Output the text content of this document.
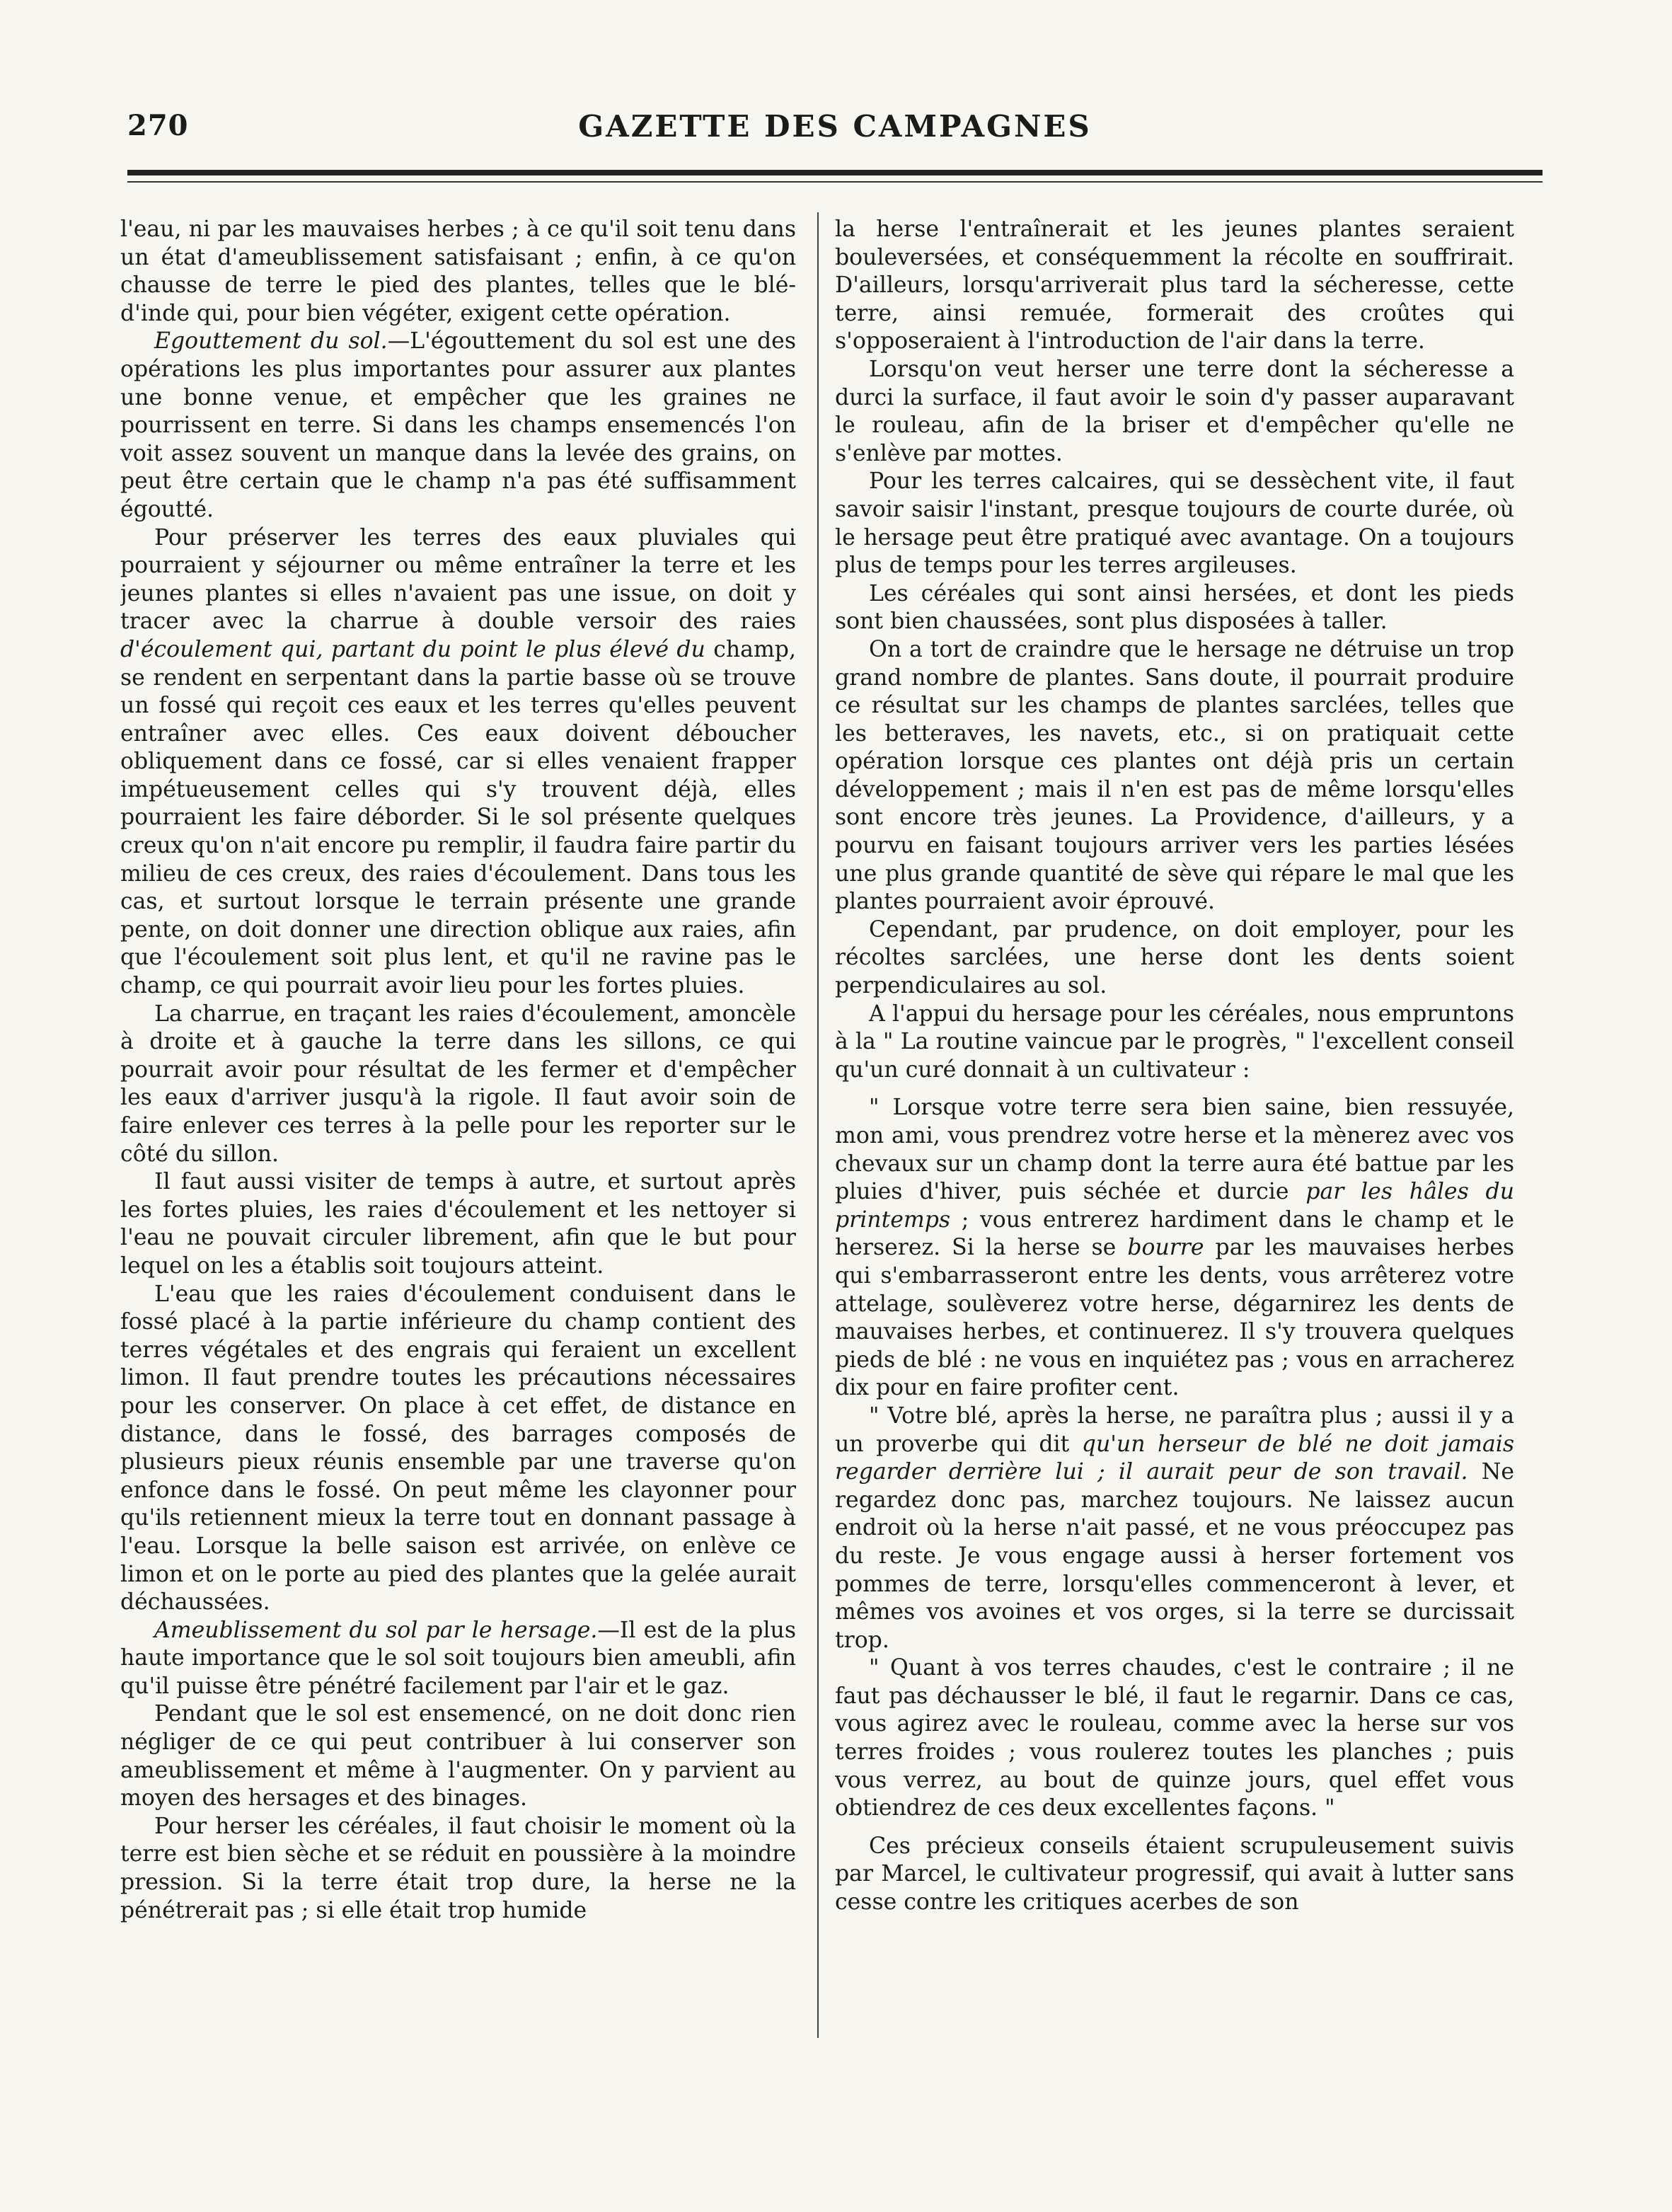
270	GAZETTE DES CAMPAGNES

l'eau, ni par les mauvaises herbes ; à ce qu'il soit tenu dans un état d'ameublissement satisfaisant ; enfin, à ce qu'on chausse de terre le pied des plantes, telles que le blé-d'inde qui, pour bien végéter, exigent cette opération.

Egouttement du sol.—L'égouttement du sol est une des opérations les plus importantes pour assurer aux plantes une bonne venue, et empêcher que les graines ne pourrissent en terre. Si dans les champs ensemencés l'on voit assez souvent un manque dans la levée des grains, on peut être certain que le champ n'a pas été suffisamment égoutté.

Pour préserver les terres des eaux pluviales qui pourraient y séjourner ou même entraîner la terre et les jeunes plantes si elles n'avaient pas une issue, on doit y tracer avec la charrue à double versoir des raies d'écoulement qui, partant du point le plus élevé du champ, se rendent en serpentant dans la partie basse où se trouve un fossé qui reçoit ces eaux et les terres qu'elles peuvent entraîner avec elles. Ces eaux doivent déboucher obliquement dans ce fossé, car si elles venaient frapper impétueusement celles qui s'y trouvent déjà, elles pourraient les faire déborder. Si le sol présente quelques creux qu'on n'ait encore pu remplir, il faudra faire partir du milieu de ces creux, des raies d'écoulement. Dans tous les cas, et surtout lorsque le terrain présente une grande pente, on doit donner une direction oblique aux raies, afin que l'écoulement soit plus lent, et qu'il ne ravine pas le champ, ce qui pourrait avoir lieu pour les fortes pluies.

La charrue, en traçant les raies d'écoulement, amoncèle à droite et à gauche la terre dans les sillons, ce qui pourrait avoir pour résultat de les fermer et d'empêcher les eaux d'arriver jusqu'à la rigole. Il faut avoir soin de faire enlever ces terres à la pelle pour les reporter sur le côté du sillon.

Il faut aussi visiter de temps à autre, et surtout après les fortes pluies, les raies d'écoulement et les nettoyer si l'eau ne pouvait circuler librement, afin que le but pour lequel on les a établis soit toujours atteint.

L'eau que les raies d'écoulement conduisent dans le fossé placé à la partie inférieure du champ contient des terres végétales et des engrais qui feraient un excellent limon. Il faut prendre toutes les précautions nécessaires pour les conserver. On place à cet effet, de distance en distance, dans le fossé, des barrages composés de plusieurs pieux réunis ensemble par une traverse qu'on enfonce dans le fossé. On peut même les clayonner pour qu'ils retiennent mieux la terre tout en donnant passage à l'eau. Lorsque la belle saison est arrivée, on enlève ce limon et on le porte au pied des plantes que la gelée aurait déchaussées.

Ameublissement du sol par le hersage.—Il est de la plus haute importance que le sol soit toujours bien ameubli, afin qu'il puisse être pénétré facilement par l'air et le gaz.

Pendant que le sol est ensemencé, on ne doit donc rien négliger de ce qui peut contribuer à lui conserver son ameublissement et même à l'augmenter. On y parvient au moyen des hersages et des binages.

Pour herser les céréales, il faut choisir le moment où la terre est bien sèche et se réduit en poussière à la moindre pression. Si la terre était trop dure, la herse ne la pénétrerait pas ; si elle était trop humide

la herse l'entraînerait et les jeunes plantes seraient bouleversées, et conséquemment la récolte en souffrirait. D'ailleurs, lorsqu'arriverait plus tard la sécheresse, cette terre, ainsi remuée, formerait des croûtes qui s'opposeraient à l'introduction de l'air dans la terre.

Lorsqu'on veut herser une terre dont la sécheresse a durci la surface, il faut avoir le soin d'y passer auparavant le rouleau, afin de la briser et d'empêcher qu'elle ne s'enlève par mottes.

Pour les terres calcaires, qui se dessèchent vite, il faut savoir saisir l'instant, presque toujours de courte durée, où le hersage peut être pratiqué avec avantage. On a toujours plus de temps pour les terres argileuses.

Les céréales qui sont ainsi hersées, et dont les pieds sont bien chaussées, sont plus disposées à taller.

On a tort de craindre que le hersage ne détruise un trop grand nombre de plantes. Sans doute, il pourrait produire ce résultat sur les champs de plantes sarclées, telles que les betteraves, les navets, etc., si on pratiquait cette opération lorsque ces plantes ont déjà pris un certain développement ; mais il n'en est pas de même lorsqu'elles sont encore très jeunes. La Providence, d'ailleurs, y a pourvu en faisant toujours arriver vers les parties lésées une plus grande quantité de sève qui répare le mal que les plantes pourraient avoir éprouvé.

Cependant, par prudence, on doit employer, pour les récoltes sarclées, une herse dont les dents soient perpendiculaires au sol.

A l'appui du hersage pour les céréales, nous empruntons à la " La routine vaincue par le progrès, " l'excellent conseil qu'un curé donnait à un cultivateur :

" Lorsque votre terre sera bien saine, bien ressuyée, mon ami, vous prendrez votre herse et la mènerez avec vos chevaux sur un champ dont la terre aura été battue par les pluies d'hiver, puis séchée et durcie par les hâles du printemps ; vous entrerez hardiment dans le champ et le herserez. Si la herse se bourre par les mauvaises herbes qui s'embarrasseront entre les dents, vous arrêterez votre attelage, soulèverez votre herse, dégarnirez les dents de mauvaises herbes, et continuerez. Il s'y trouvera quelques pieds de blé : ne vous en inquiétez pas ; vous en arracherez dix pour en faire profiter cent.

" Votre blé, après la herse, ne paraîtra plus ; aussi il y a un proverbe qui dit qu'un herseur de blé ne doit jamais regarder derrière lui ; il aurait peur de son travail. Ne regardez donc pas, marchez toujours. Ne laissez aucun endroit où la herse n'ait passé, et ne vous préoccupez pas du reste. Je vous engage aussi à herser fortement vos pommes de terre, lorsqu'elles commenceront à lever, et mêmes vos avoines et vos orges, si la terre se durcissait trop.

" Quant à vos terres chaudes, c'est le contraire ; il ne faut pas déchausser le blé, il faut le regarnir. Dans ce cas, vous agirez avec le rouleau, comme avec la herse sur vos terres froides ; vous roulerez toutes les planches ; puis vous verrez, au bout de quinze jours, quel effet vous obtiendrez de ces deux excellentes façons. "

Ces précieux conseils étaient scrupuleusement suivis par Marcel, le cultivateur progressif, qui avait à lutter sans cesse contre les critiques acerbes de son
